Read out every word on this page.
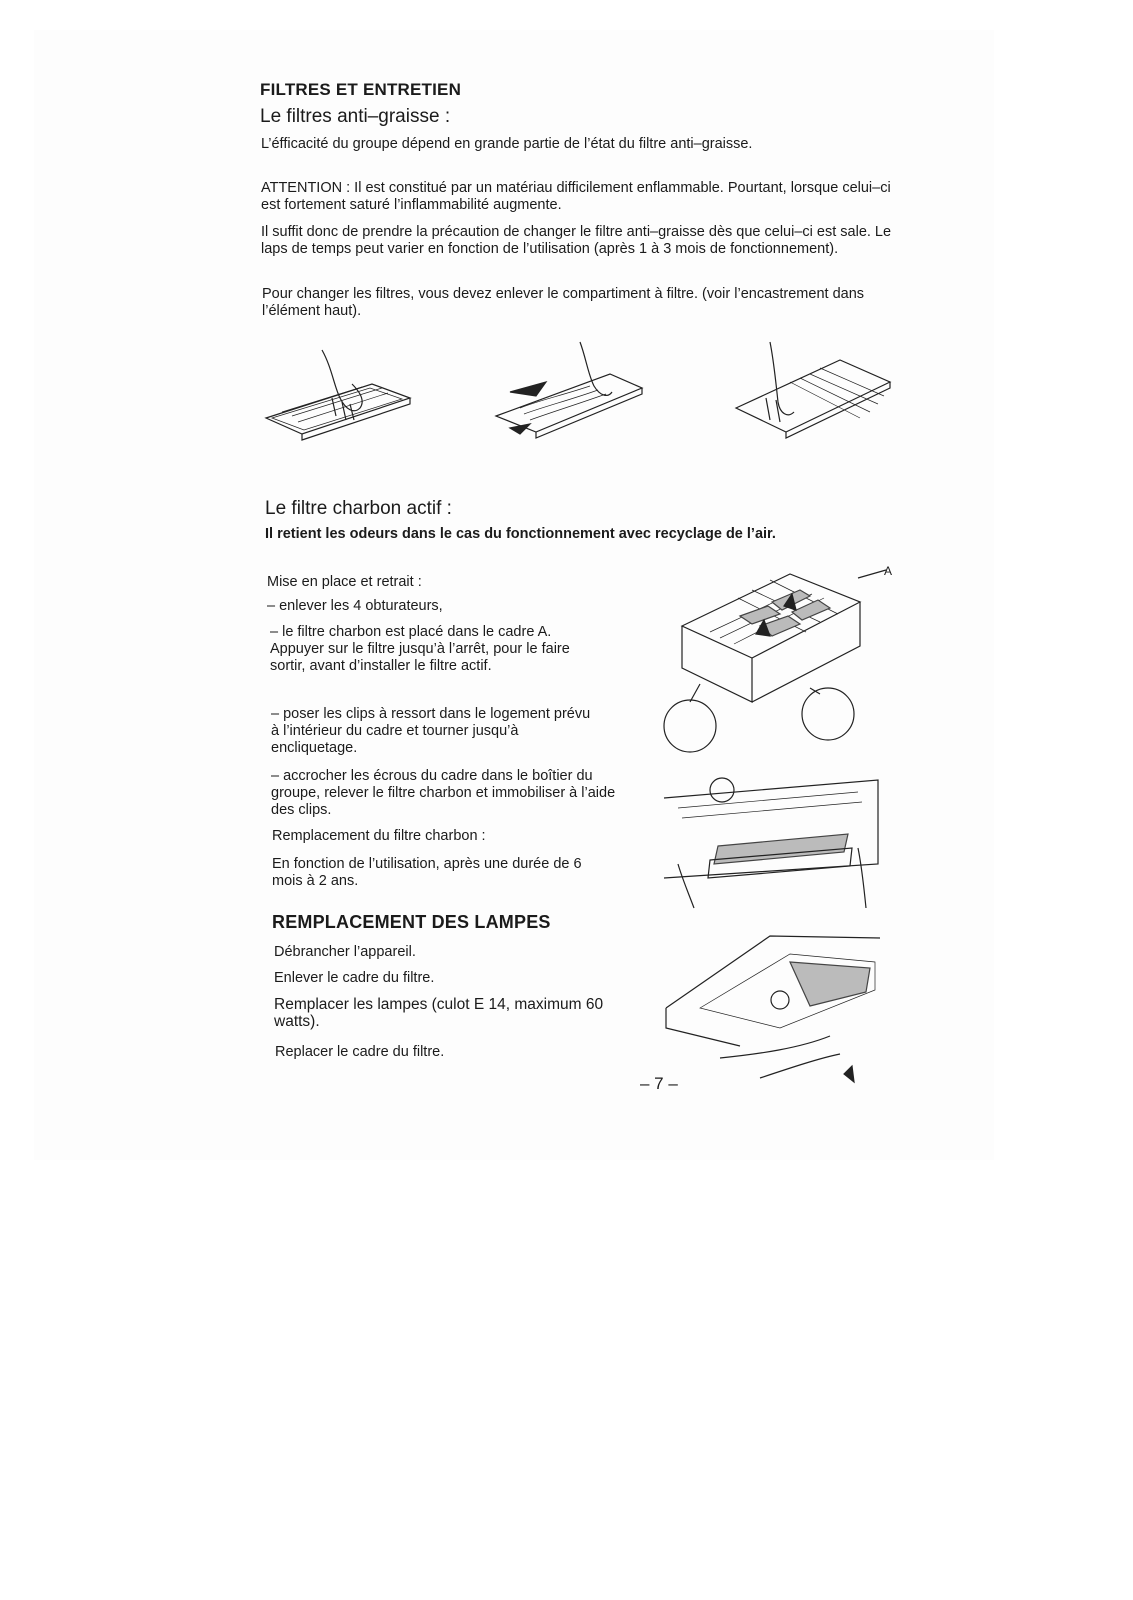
FILTRES ET ENTRETIEN
Le filtres anti–graisse :

L’éfficacité du groupe dépend en grande partie de l’état du filtre anti–graisse.

ATTENTION : Il est constitué par un matériau difficilement enflammable. Pourtant, lorsque celui–ci est fortement saturé l’inflammabilité augmente.

Il suffit donc de prendre la précaution de changer le filtre anti–graisse dès que celui–ci est sale. Le laps de temps peut varier en fonction de l’utilisation (après 1 à 3 mois de fonctionnement).

Pour changer les filtres, vous devez enlever le compartiment à filtre. (voir l’encastrement dans l’élément haut).

Le filtre charbon actif :

Il retient les odeurs dans le cas du fonctionnement avec recyclage de l’air.

Mise en place et retrait :

– enlever les 4 obturateurs,

– le filtre charbon est placé dans le cadre A. Appuyer sur le filtre jusqu’à l’arrêt, pour le faire sortir, avant d’installer le filtre actif.

– poser les clips à ressort dans le logement prévu à l’intérieur du cadre et tourner jusqu’à encliquetage.

– accrocher les écrous du cadre dans le boîtier du groupe, relever le filtre charbon et immobiliser à l’aide des clips.

Remplacement du filtre charbon :

En fonction de l’utilisation, après une durée de 6 mois à 2 ans.

A
REMPLACEMENT DES LAMPES

Débrancher l’appareil.

Enlever le cadre du filtre.

Remplacer les lampes (culot E 14, maximum 60 watts).

Replacer le cadre du filtre.

– 7 –
